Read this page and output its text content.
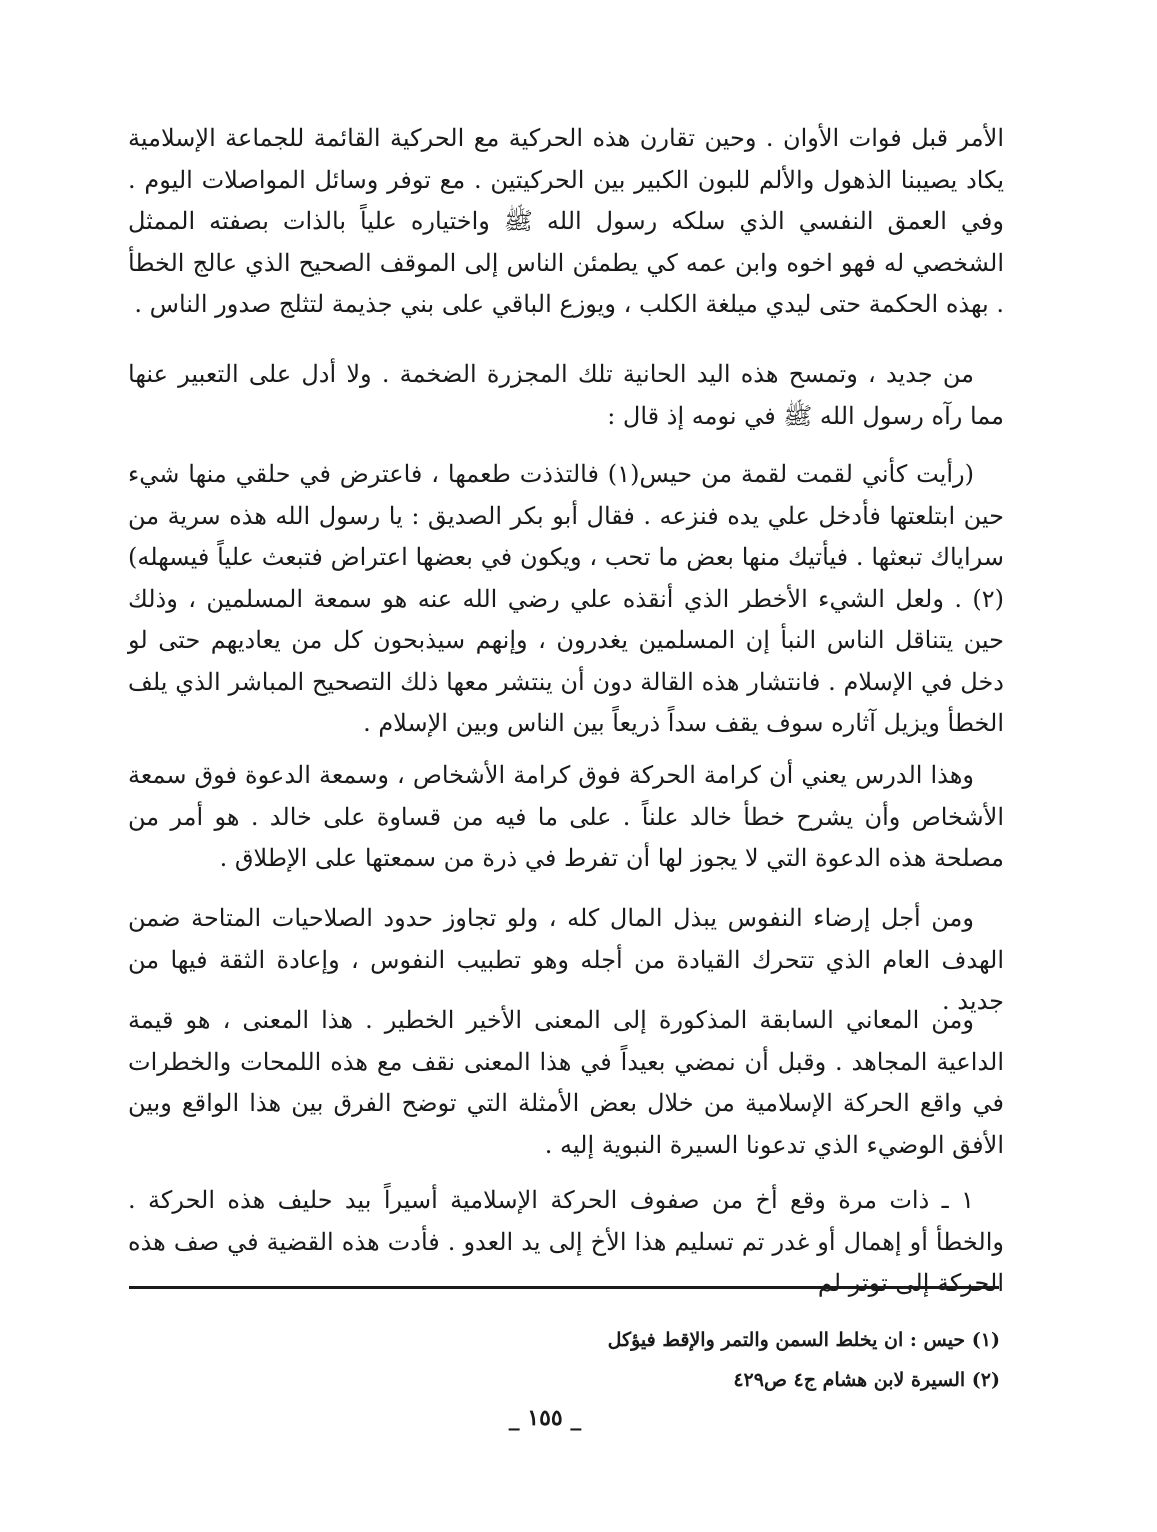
الأمر قبل فوات الأوان . وحين تقارن هذه الحركية مع الحركية القائمة للجماعة الإسلامية يكاد يصيبنا الذهول والألم للبون الكبير بين الحركيتين . مع توفر وسائل المواصلات اليوم . وفي العمق النفسي الذي سلكه رسول الله ﷺ واختياره علياً بالذات بصفته الممثل الشخصي له فهو اخوه وابن عمه كي يطمئن الناس إلى الموقف الصحيح الذي عالج الخطأ . بهذه الحكمة حتى ليدي ميلغة الكلب ، ويوزع الباقي على بني جذيمة لتثلج صدور الناس .

من جديد ، وتمسح هذه اليد الحانية تلك المجزرة الضخمة . ولا أدل على التعبير عنها مما رآه رسول الله ﷺ في نومه إذ قال :

(رأيت كأني لقمت لقمة من حيس(١) فالتذذت طعمها ، فاعترض في حلقي منها شيء حين ابتلعتها فأدخل علي يده فنزعه . فقال أبو بكر الصديق : يا رسول الله هذه سرية من سراياك تبعثها . فيأتيك منها بعض ما تحب ، ويكون في بعضها اعتراض فتبعث علياً فيسهله)(٢) . ولعل الشيء الأخطر الذي أنقذه علي رضي الله عنه هو سمعة المسلمين ، وذلك حين يتناقل الناس النبأ إن المسلمين يغدرون ، وإنهم سيذبحون كل من يعاديهم حتى لو دخل في الإسلام . فانتشار هذه القالة دون أن ينتشر معها ذلك التصحيح المباشر الذي يلف الخطأ ويزيل آثاره سوف يقف سداً ذريعاً بين الناس وبين الإسلام .

وهذا الدرس يعني أن كرامة الحركة فوق كرامة الأشخاص ، وسمعة الدعوة فوق سمعة الأشخاص وأن يشرح خطأ خالد علناً . على ما فيه من قساوة على خالد . هو أمر من مصلحة هذه الدعوة التي لا يجوز لها أن تفرط في ذرة من سمعتها على الإطلاق .

ومن أجل إرضاء النفوس يبذل المال كله ، ولو تجاوز حدود الصلاحيات المتاحة ضمن الهدف العام الذي تتحرك القيادة من أجله وهو تطبيب النفوس ، وإعادة الثقة فيها من جديد .

ومن المعاني السابقة المذكورة إلى المعنى الأخير الخطير . هذا المعنى ، هو قيمة الداعية المجاهد . وقبل أن نمضي بعيداً في هذا المعنى نقف مع هذه اللمحات والخطرات في واقع الحركة الإسلامية من خلال بعض الأمثلة التي توضح الفرق بين هذا الواقع وبين الأفق الوضيء الذي تدعونا السيرة النبوية إليه .

١ ـ ذات مرة وقع أخ من صفوف الحركة الإسلامية أسيراً بيد حليف هذه الحركة . والخطأ أو إهمال أو غدر تم تسليم هذا الأخ إلى يد العدو . فأدت هذه القضية في صف هذه الحركة إلى توتر لم

(١) حيس : ان يخلط السمن والتمر والإقط فيؤكل

(٢) السيرة لابن هشام ج٤ ص٤٢٩

_ ١٥٥ _
